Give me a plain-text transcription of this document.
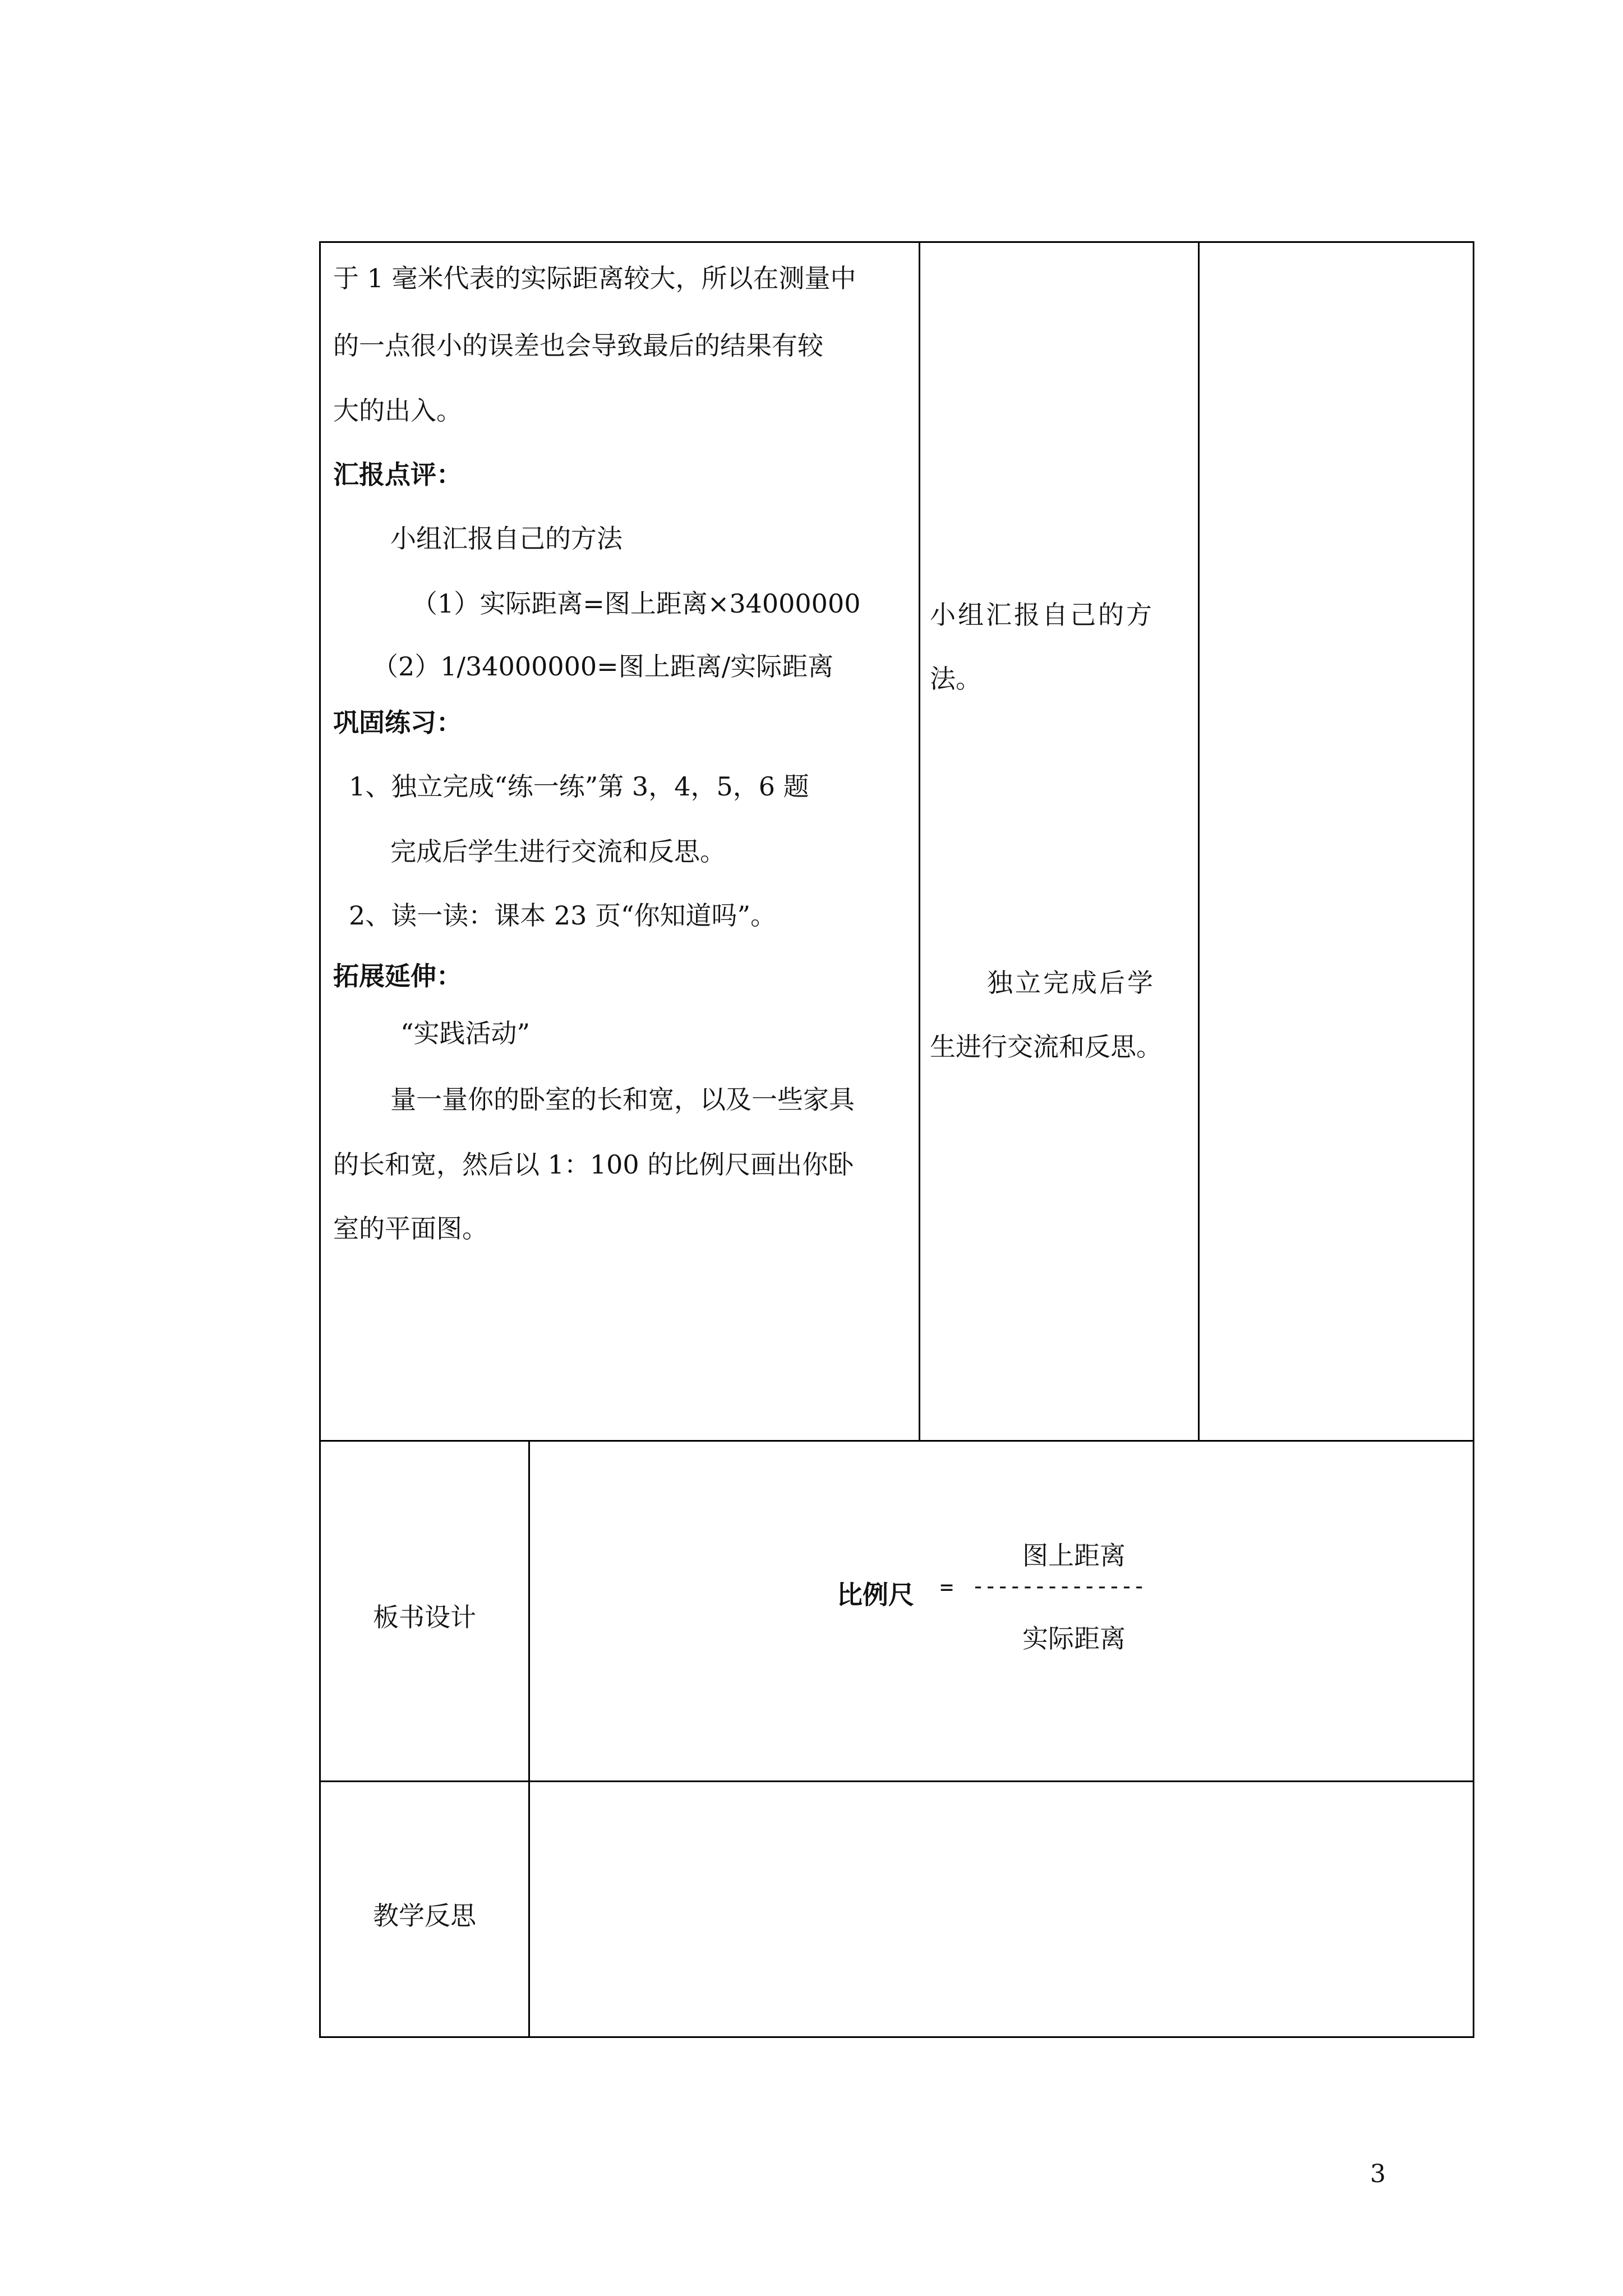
于 1 毫米代表的实际距离较大，所以在测量中
的一点很小的误差也会导致最后的结果有较
大的出入。
汇报点评：
小组汇报自己的方法
（1）实际距离=图上距离×34000000
（2）1/34000000=图上距离/实际距离
巩固练习：
1、独立完成“练一练”第 3，4，5，6 题
完成后学生进行交流和反思。
2、读一读：课本 23 页“你知道吗”。
拓展延伸：
“实践活动”
量一量你的卧室的长和宽，以及一些家具
的长和宽，然后以 1：100 的比例尺画出你卧
室的平面图。
小组汇报自己的方
法。
独立完成后学
生进行交流和反思。
板书设计
图上距离
比例尺 = --------------
实际距离
教学反思
3
